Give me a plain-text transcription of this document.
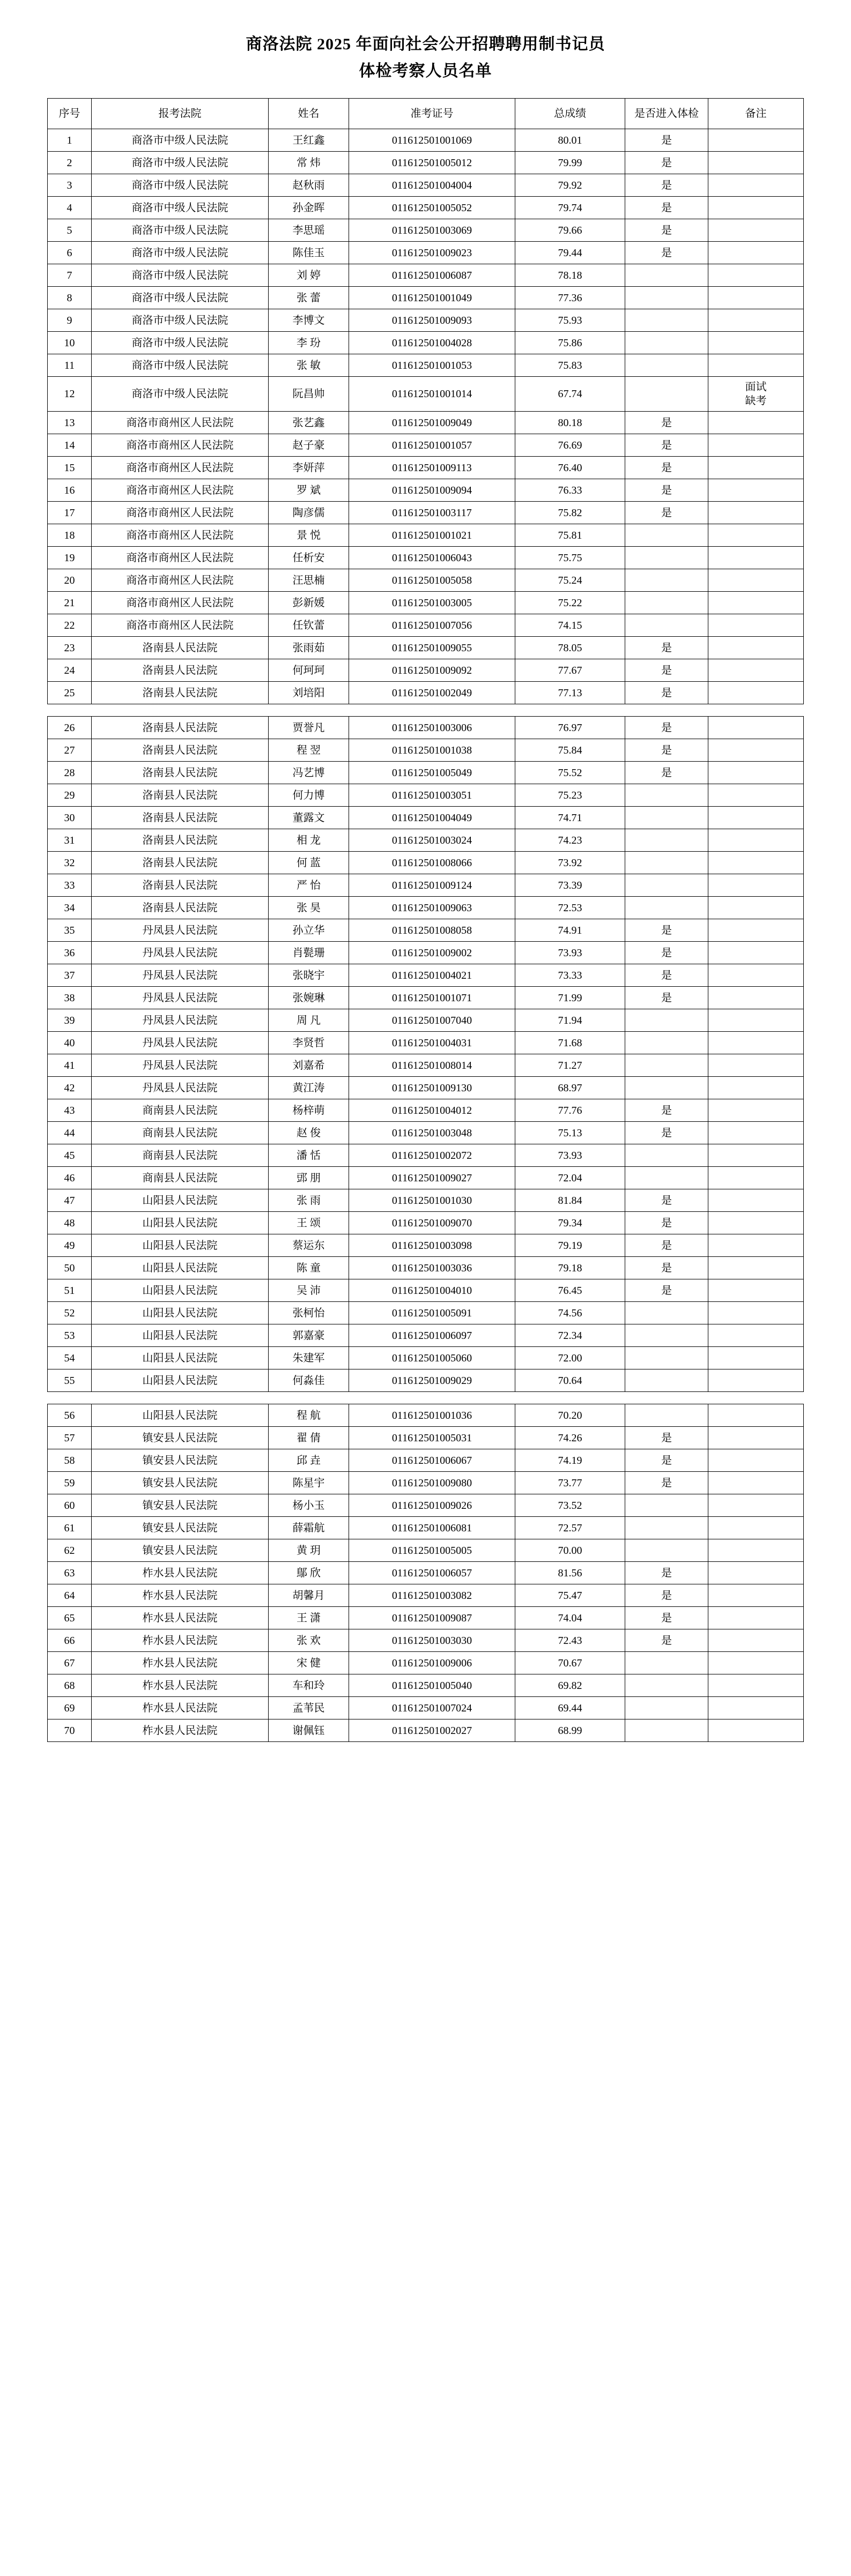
商洛法院 2025 年面向社会公开招聘聘用制书记员
体检考察人员名单
序号	报考法院	姓名	准考证号	总成绩	是否进入体检	备注
1	商洛市中级人民法院	王红鑫	011612501001069	80.01	是	
2	商洛市中级人民法院	常 炜	011612501005012	79.99	是	
3	商洛市中级人民法院	赵秋雨	011612501004004	79.92	是	
4	商洛市中级人民法院	孙金晖	011612501005052	79.74	是	
5	商洛市中级人民法院	李思瑶	011612501003069	79.66	是	
6	商洛市中级人民法院	陈佳玉	011612501009023	79.44	是	
7	商洛市中级人民法院	刘 婷	011612501006087	78.18		
8	商洛市中级人民法院	张 蕾	011612501001049	77.36		
9	商洛市中级人民法院	李博文	011612501009093	75.93		
10	商洛市中级人民法院	李 玢	011612501004028	75.86		
11	商洛市中级人民法院	张 敏	011612501001053	75.83		
12	商洛市中级人民法院	阮昌帅	011612501001014	67.74		面试
缺考

13	商洛市商州区人民法院	张艺鑫	011612501009049	80.18	是	
14	商洛市商州区人民法院	赵子豪	011612501001057	76.69	是	
15	商洛市商州区人民法院	李妍萍	011612501009113	76.40	是	
16	商洛市商州区人民法院	罗 斌	011612501009094	76.33	是	
17	商洛市商州区人民法院	陶彦儒	011612501003117	75.82	是	
18	商洛市商州区人民法院	景 悦	011612501001021	75.81		
19	商洛市商州区人民法院	任析安	011612501006043	75.75		
20	商洛市商州区人民法院	汪思楠	011612501005058	75.24		
21	商洛市商州区人民法院	彭新媛	011612501003005	75.22		
22	商洛市商州区人民法院	任钦蕾	011612501007056	74.15		
23	洛南县人民法院	张雨茹	011612501009055	78.05	是	
24	洛南县人民法院	何珂珂	011612501009092	77.67	是	
25	洛南县人民法院	刘培阳	011612501002049	77.13	是	

26	洛南县人民法院	贾誉凡	011612501003006	76.97	是	
27	洛南县人民法院	程 翌	011612501001038	75.84	是	
28	洛南县人民法院	冯艺博	011612501005049	75.52	是	
29	洛南县人民法院	何力博	011612501003051	75.23		
30	洛南县人民法院	董露文	011612501004049	74.71		
31	洛南县人民法院	相 龙	011612501003024	74.23		
32	洛南县人民法院	何 蓝	011612501008066	73.92		
33	洛南县人民法院	严 怡	011612501009124	73.39		
34	洛南县人民法院	张 昊	011612501009063	72.53		
35	丹凤县人民法院	孙立华	011612501008058	74.91	是	
36	丹凤县人民法院	肖甏珊	011612501009002	73.93	是	
37	丹凤县人民法院	张晓宇	011612501004021	73.33	是	
38	丹凤县人民法院	张婉琳	011612501001071	71.99	是	
39	丹凤县人民法院	周 凡	011612501007040	71.94		
40	丹凤县人民法院	李贤哲	011612501004031	71.68		
41	丹凤县人民法院	刘嘉希	011612501008014	71.27		
42	丹凤县人民法院	黄江涛	011612501009130	68.97		
43	商南县人民法院	杨梓萌	011612501004012	77.76	是	
44	商南县人民法院	赵 俊	011612501003048	75.13	是	
45	商南县人民法院	潘 恬	011612501002072	73.93		
46	商南县人民法院	郖 朋	011612501009027	72.04		
47	山阳县人民法院	张 雨	011612501001030	81.84	是	
48	山阳县人民法院	王 颂	011612501009070	79.34	是	
49	山阳县人民法院	蔡运东	011612501003098	79.19	是	
50	山阳县人民法院	陈 童	011612501003036	79.18	是	
51	山阳县人民法院	吴 沛	011612501004010	76.45	是	
52	山阳县人民法院	张柯怡	011612501005091	74.56		
53	山阳县人民法院	郭嘉豪	011612501006097	72.34		
54	山阳县人民法院	朱建军	011612501005060	72.00		
55	山阳县人民法院	何淼佳	011612501009029	70.64		

56	山阳县人民法院	程 航	011612501001036	70.20		
57	镇安县人民法院	翟 倩	011612501005031	74.26	是	
58	镇安县人民法院	邱 垚	011612501006067	74.19	是	
59	镇安县人民法院	陈星宇	011612501009080	73.77	是	
60	镇安县人民法院	杨小玉	011612501009026	73.52		
61	镇安县人民法院	薛霜航	011612501006081	72.57		
62	镇安县人民法院	黄 玥	011612501005005	70.00		
63	柞水县人民法院	鄥 欣	011612501006057	81.56	是	
64	柞水县人民法院	胡馨月	011612501003082	75.47	是	
65	柞水县人民法院	王 潇	011612501009087	74.04	是	
66	柞水县人民法院	张 欢	011612501003030	72.43	是	
67	柞水县人民法院	宋 健	011612501009006	70.67		
68	柞水县人民法院	车和玲	011612501005040	69.82		
69	柞水县人民法院	孟苇民	011612501007024	69.44		
70	柞水县人民法院	谢佩钰	011612501002027	68.99		
